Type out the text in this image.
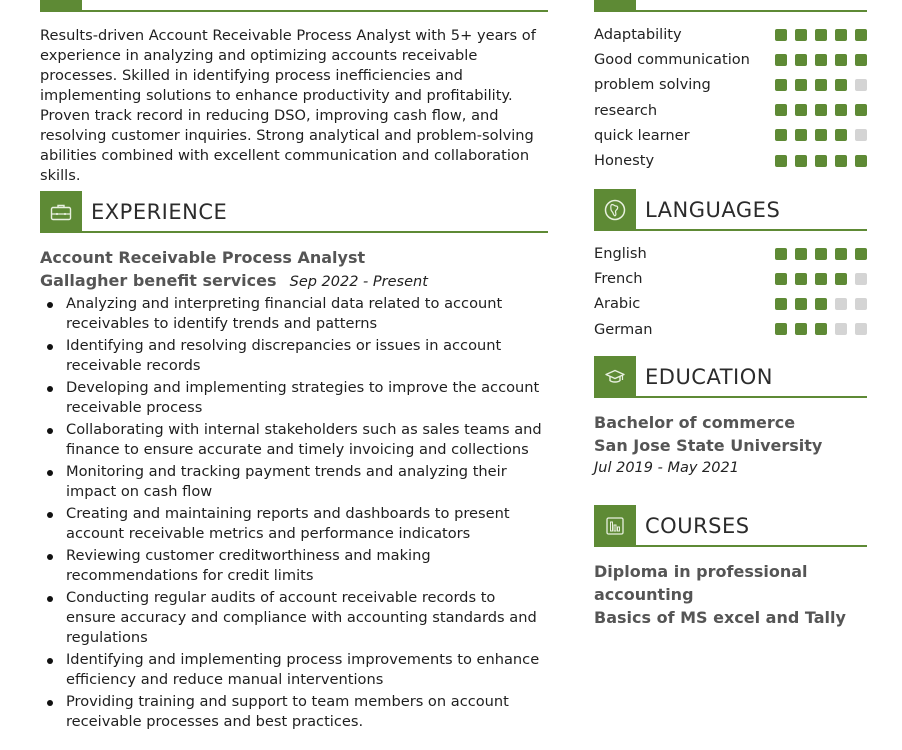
Results-driven Account Receivable Process Analyst with 5+ years of experience in analyzing and optimizing accounts receivable processes. Skilled in identifying process inefficiencies and implementing solutions to enhance productivity and profitability. Proven track record in reducing DSO, improving cash flow, and resolving customer inquiries. Strong analytical and problem-solving abilities combined with excellent communication and collaboration skills.

EXPERIENCE
Account Receivable Process Analyst
Gallagher benefit services Sep 2022 - Present
Analyzing and interpreting financial data related to account receivables to identify trends and patterns
Identifying and resolving discrepancies or issues in account receivable records
Developing and implementing strategies to improve the account receivable process
Collaborating with internal stakeholders such as sales teams and finance to ensure accurate and timely invoicing and collections
Monitoring and tracking payment trends and analyzing their impact on cash flow
Creating and maintaining reports and dashboards to present account receivable metrics and performance indicators
Reviewing customer creditworthiness and making recommendations for credit limits
Conducting regular audits of account receivable records to ensure accuracy and compliance with accounting standards and regulations
Identifying and implementing process improvements to enhance efficiency and reduce manual interventions
Providing training and support to team members on account receivable processes and best practices.
Adaptability
Good communication
problem solving
research
quick learner
Honesty
LANGUAGES
English
French
Arabic
German
EDUCATION
Bachelor of commerce
San Jose State University
Jul 2019 - May 2021
COURSES
Diploma in professional accounting
Basics of MS excel and Tally
